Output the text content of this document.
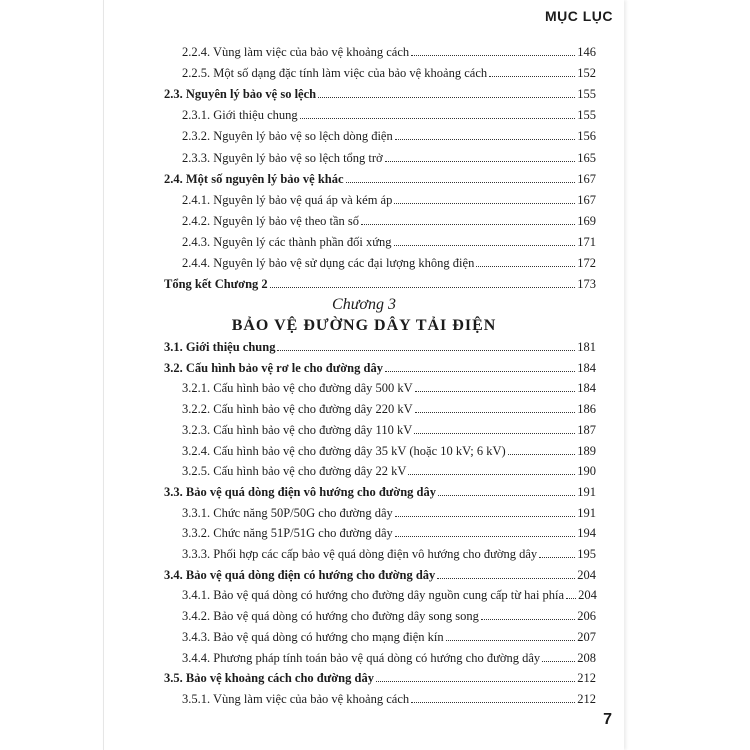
MỤC LỤC
2.2.4. Vùng làm việc của bảo vệ khoảng cách	146
2.2.5. Một số dạng đặc tính làm việc của bảo vệ khoảng cách	152
2.3. Nguyên lý bảo vệ so lệch	155
2.3.1. Giới thiệu chung	155
2.3.2. Nguyên lý bảo vệ so lệch dòng điện	156
2.3.3. Nguyên lý bảo vệ so lệch tổng trở	165
2.4. Một số nguyên lý bảo vệ khác	167
2.4.1. Nguyên lý bảo vệ quá áp và kém áp	167
2.4.2. Nguyên lý bảo vệ theo tần số	169
2.4.3. Nguyên lý các thành phần đối xứng	171
2.4.4. Nguyên lý bảo vệ sử dụng các đại lượng không điện	172
Tổng kết Chương 2	173
Chương 3
BẢO VỆ ĐƯỜNG DÂY TẢI ĐIỆN
3.1. Giới thiệu chung	181
3.2. Cấu hình bảo vệ rơ le cho đường dây	184
3.2.1. Cấu hình bảo vệ cho đường dây 500 kV	184
3.2.2. Cấu hình bảo vệ cho đường dây 220 kV	186
3.2.3. Cấu hình bảo vệ cho đường dây 110 kV	187
3.2.4. Cấu hình bảo vệ cho đường dây 35 kV (hoặc 10 kV; 6 kV)	189
3.2.5. Cấu hình bảo vệ cho đường dây 22 kV	190
3.3. Bảo vệ quá dòng điện vô hướng cho đường dây	191
3.3.1. Chức năng 50P/50G cho đường dây	191
3.3.2. Chức năng 51P/51G cho đường dây	194
3.3.3. Phối hợp các cấp bảo vệ quá dòng điện vô hướng cho đường dây	195
3.4. Bảo vệ quá dòng điện có hướng cho đường dây	204
3.4.1. Bảo vệ quá dòng có hướng cho đường dây nguồn cung cấp từ hai phía 204
3.4.2. Bảo vệ quá dòng có hướng cho đường dây song song	206
3.4.3. Bảo vệ quá dòng có hướng cho mạng điện kín	207
3.4.4. Phương pháp tính toán bảo vệ quá dòng có hướng cho đường dây	208
3.5. Bảo vệ khoảng cách cho đường dây	212
3.5.1. Vùng làm việc của bảo vệ khoảng cách	212
7
